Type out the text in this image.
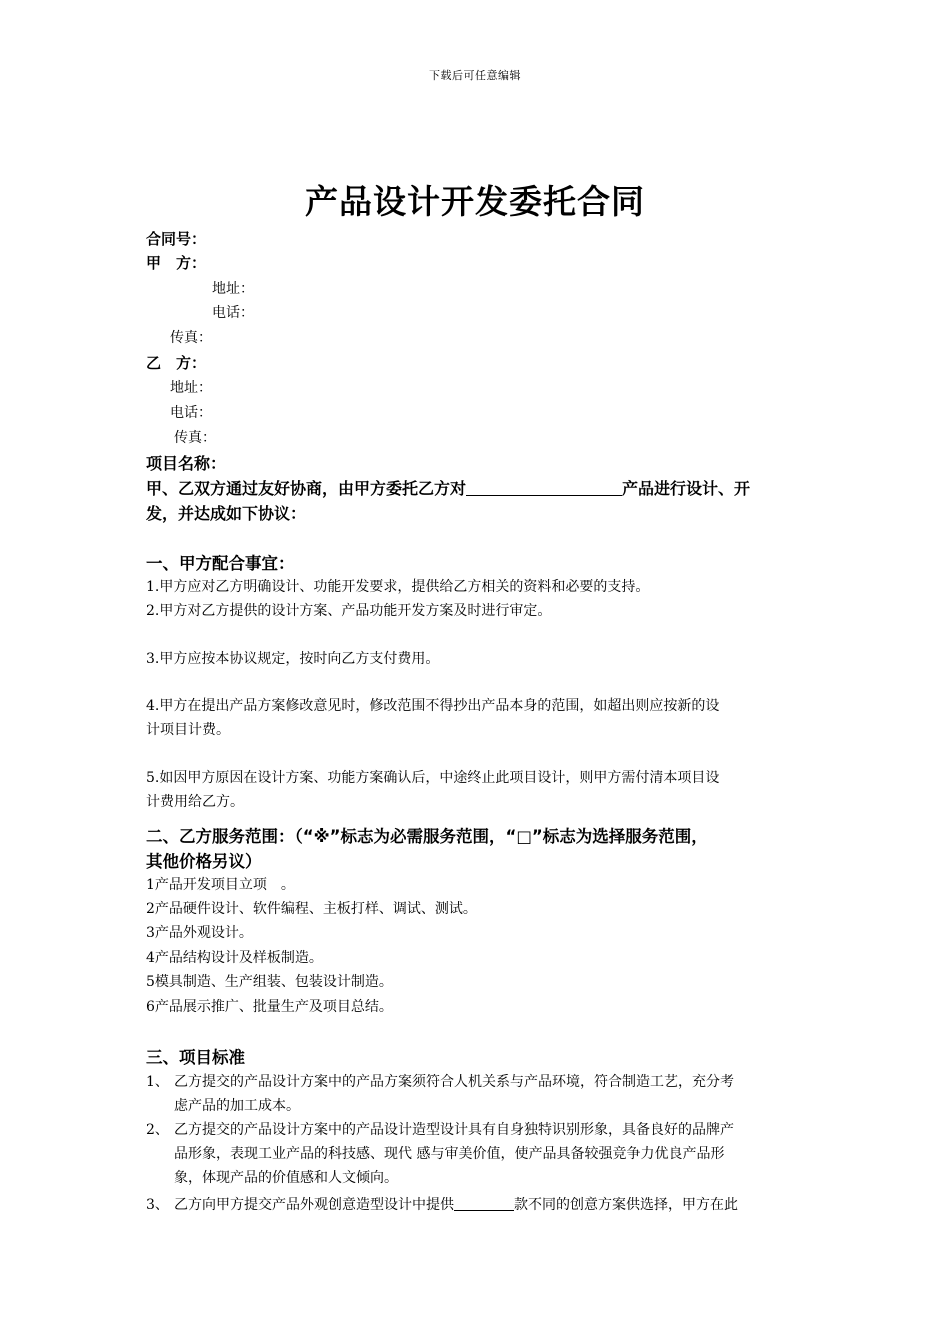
下载后可任意编辑
产品设计开发委托合同
合同号：
甲　方：
地址：
电话：
传真：
乙　方：
地址：
电话：
传真：
项目名称：
甲、乙双方通过友好协商，由甲方委托乙方对	产品进行设计、开
发，并达成如下协议：
一、甲方配合事宜：
1.甲方应对乙方明确设计、功能开发要求，提供给乙方相关的资料和必要的支持。
2.甲方对乙方提供的设计方案、产品功能开发方案及时进行审定。
3.甲方应按本协议规定，按时向乙方支付费用。
4.甲方在提出产品方案修改意见时，修改范围不得抄出产品本身的范围，如超出则应按新的设
计项目计费。
5.如因甲方原因在设计方案、功能方案确认后，中途终止此项目设计，则甲方需付清本项目设
计费用给乙方。
二、乙方服务范围：（“※”标志为必需服务范围，“□”标志为选择服务范围，
其他价格另议）
1产品开发项目立项　。
2产品硬件设计、软件编程、主板打样、调试、测试。
3产品外观设计。
4产品结构设计及样板制造。
5模具制造、生产组装、包装设计制造。
6产品展示推广、批量生产及项目总结。
三、项目标准
1、 乙方提交的产品设计方案中的产品方案须符合人机关系与产品环境，符合制造工艺，充分考
虑产品的加工成本。
2、 乙方提交的产品设计方案中的产品设计造型设计具有自身独特识别形象，具备良好的品牌产
品形象，表现工业产品的科技感、现代 感与审美价值，使产品具备较强竞争力优良产品形
象，体现产品的价值感和人文倾向。
3、 乙方向甲方提交产品外观创意造型设计中提供	款不同的创意方案供选择，甲方在此
